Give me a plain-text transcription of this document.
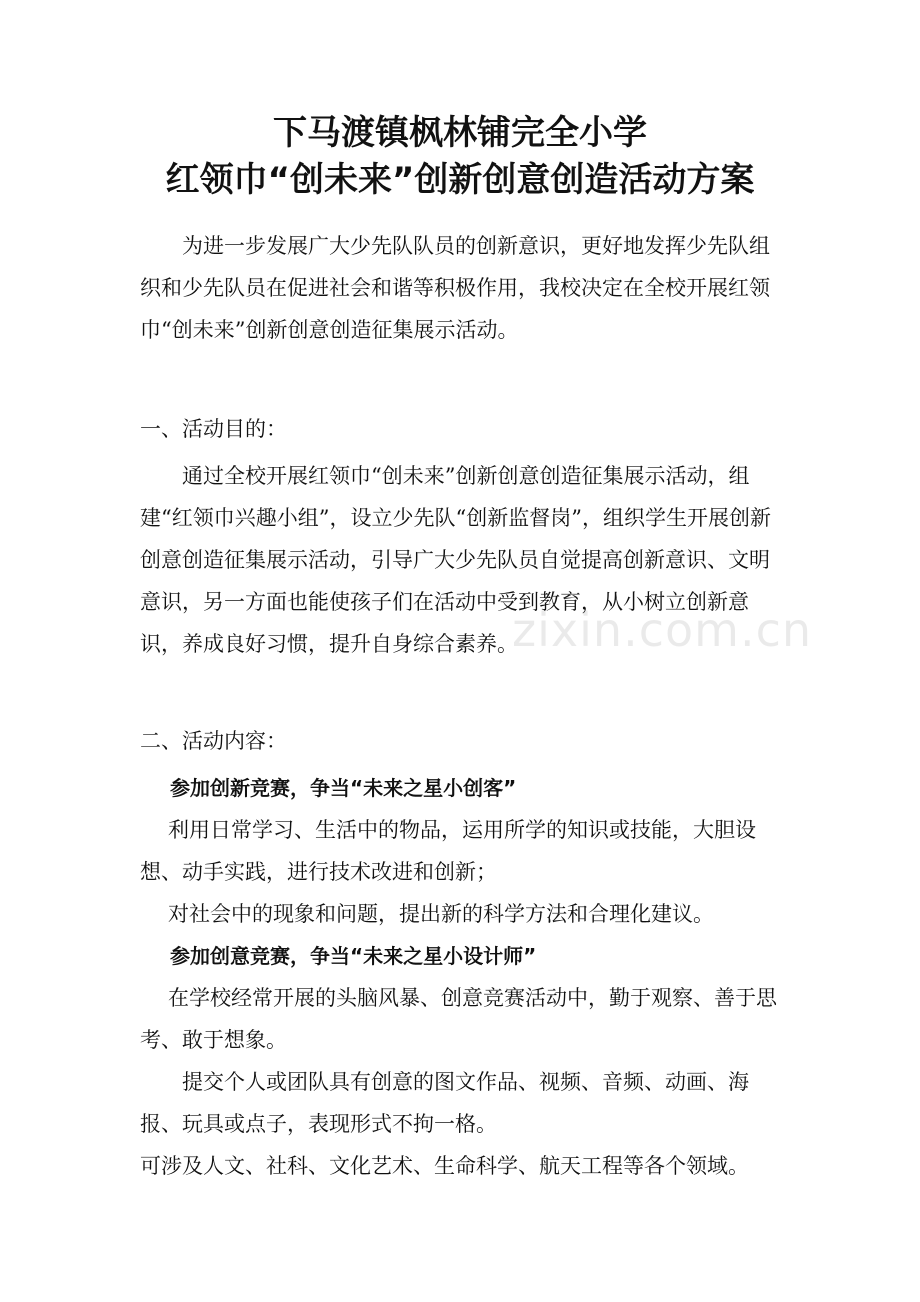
下马渡镇枫林铺完全小学
红领巾“创未来”创新创意创造活动方案

为进一步发展广大少先队队员的创新意识，更好地发挥少先队组织和少先队员在促进社会和谐等积极作用，我校决定在全校开展红领巾“创未来”创新创意创造征集展示活动。

一、活动目的：

通过全校开展红领巾“创未来”创新创意创造征集展示活动，组建“红领巾兴趣小组”，设立少先队“创新监督岗”，组织学生开展创新创意创造征集展示活动，引导广大少先队员自觉提高创新意识、文明意识，另一方面也能使孩子们在活动中受到教育，从小树立创新意识，养成良好习惯，提升自身综合素养。

二、活动内容：
参加创新竞赛，争当“未来之星小创客”

利用日常学习、生活中的物品，运用所学的知识或技能，大胆设想、动手实践，进行技术改进和创新；

对社会中的现象和问题，提出新的科学方法和合理化建议。

参加创意竞赛，争当“未来之星小设计师”

在学校经常开展的头脑风暴、创意竞赛活动中，勤于观察、善于思考、敢于想象。

提交个人或团队具有创意的图文作品、视频、音频、动画、海报、玩具或点子，表现形式不拘一格。

可涉及人文、社科、文化艺术、生命科学、航天工程等各个领域。
zixin.com.cn
